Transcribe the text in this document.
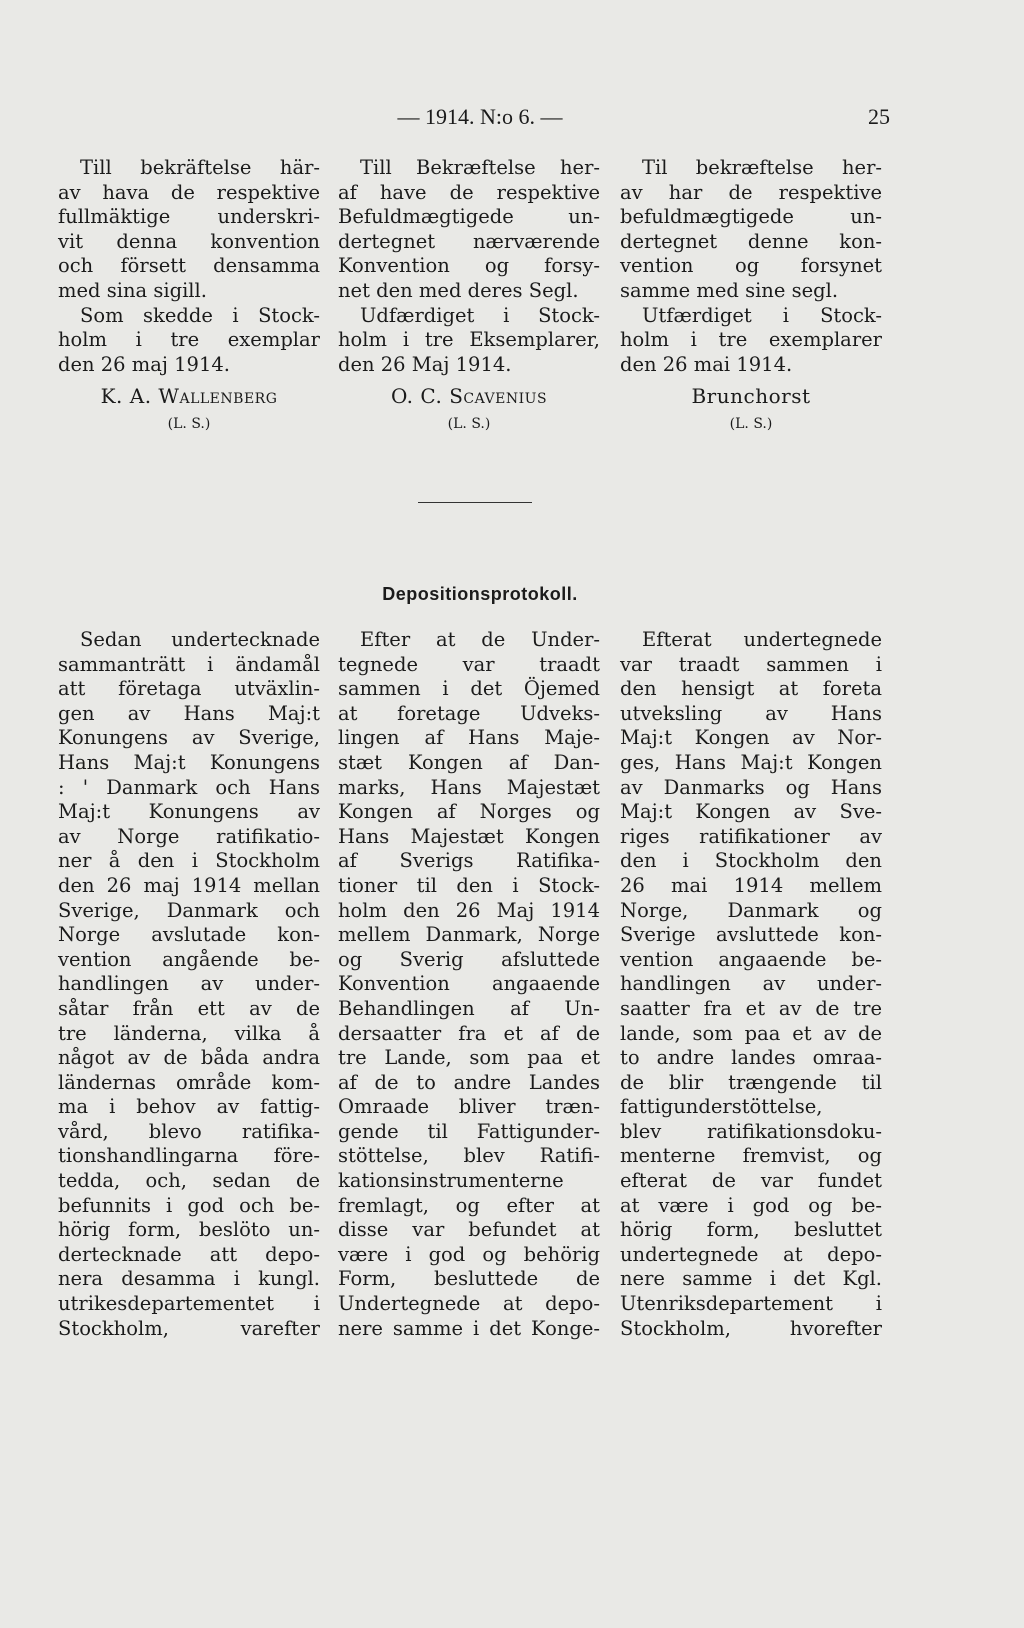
— 1914. N:o 6. —	25
Till bekräftelse här-
av hava de respektive
fullmäktige underskri-
vit denna konvention
och försett densamma
med sina sigill.
Som skedde i Stock-
holm i tre exemplar
den 26 maj 1914.
Till Bekræftelse her-
af have de respektive
Befuldmægtigede un-
dertegnet nærværende
Konvention og forsy-
net den med deres Segl.
Udfærdiget i Stock-
holm i tre Eksemplarer,
den 26 Maj 1914.
Til bekræftelse her-
av har de respektive
befuldmægtigede un-
dertegnet denne kon-
vention og forsynet
samme med sine segl.
Utfærdiget i Stock-
holm i tre exemplarer
den 26 mai 1914.
K. A. Wallenberg	O. C. Scavenius	Brunchorst
(L. S.)	(L. S.)	(L. S.)
Depositionsprotokoll.
Sedan undertecknade
sammanträtt i ändamål
att företaga utväxlin-
gen av Hans Maj:t
Konungens av Sverige,
Hans Maj:t Konungens
: ' Danmark och Hans
Maj:t Konungens av
av Norge ratifikatio-
ner å den i Stockholm
den 26 maj 1914 mellan
Sverige, Danmark och
Norge avslutade kon-
vention angående be-
handlingen av under-
såtar från ett av de
tre länderna, vilka å
något av de båda andra
ländernas område kom-
ma i behov av fattig-
vård, blevo ratifika-
tionshandlingarna före-
tedda, och, sedan de
befunnits i god och be-
hörig form, beslöto un-
dertecknade att depo-
nera desamma i kungl.
utrikesdepartementet i
Stockholm, varefter
Efter at de Under-
tegnede var traadt
sammen i det Öjemed
at foretage Udveks-
lingen af Hans Maje-
stæt Kongen af Dan-
marks, Hans Majestæt
Kongen af Norges og
Hans Majestæt Kongen
af Sverigs Ratifika-
tioner til den i Stock-
holm den 26 Maj 1914
mellem Danmark, Norge
og Sverig afsluttede
Konvention angaaende
Behandlingen af Un-
dersaatter fra et af de
tre Lande, som paa et
af de to andre Landes
Omraade bliver træn-
gende til Fattigunder-
stöttelse, blev Ratifi-
kationsinstrumenterne
fremlagt, og efter at
disse var befundet at
være i god og behörig
Form, besluttede de
Undertegnede at depo-
nere samme i det Konge-
Efterat undertegnede
var traadt sammen i
den hensigt at foreta
utveksling av Hans
Maj:t Kongen av Nor-
ges, Hans Maj:t Kongen
av Danmarks og Hans
Maj:t Kongen av Sve-
riges ratifikationer av
den i Stockholm den
26 mai 1914 mellem
Norge, Danmark og
Sverige avsluttede kon-
vention angaaende be-
handlingen av under-
saatter fra et av de tre
lande, som paa et av de
to andre landes omraa-
de blir trængende til
fattigunderstöttelse,
blev ratifikationsdoku-
menterne fremvist, og
efterat de var fundet
at være i god og be-
hörig form, besluttet
undertegnede at depo-
nere samme i det Kgl.
Utenriksdepartement i
Stockholm, hvorefter
